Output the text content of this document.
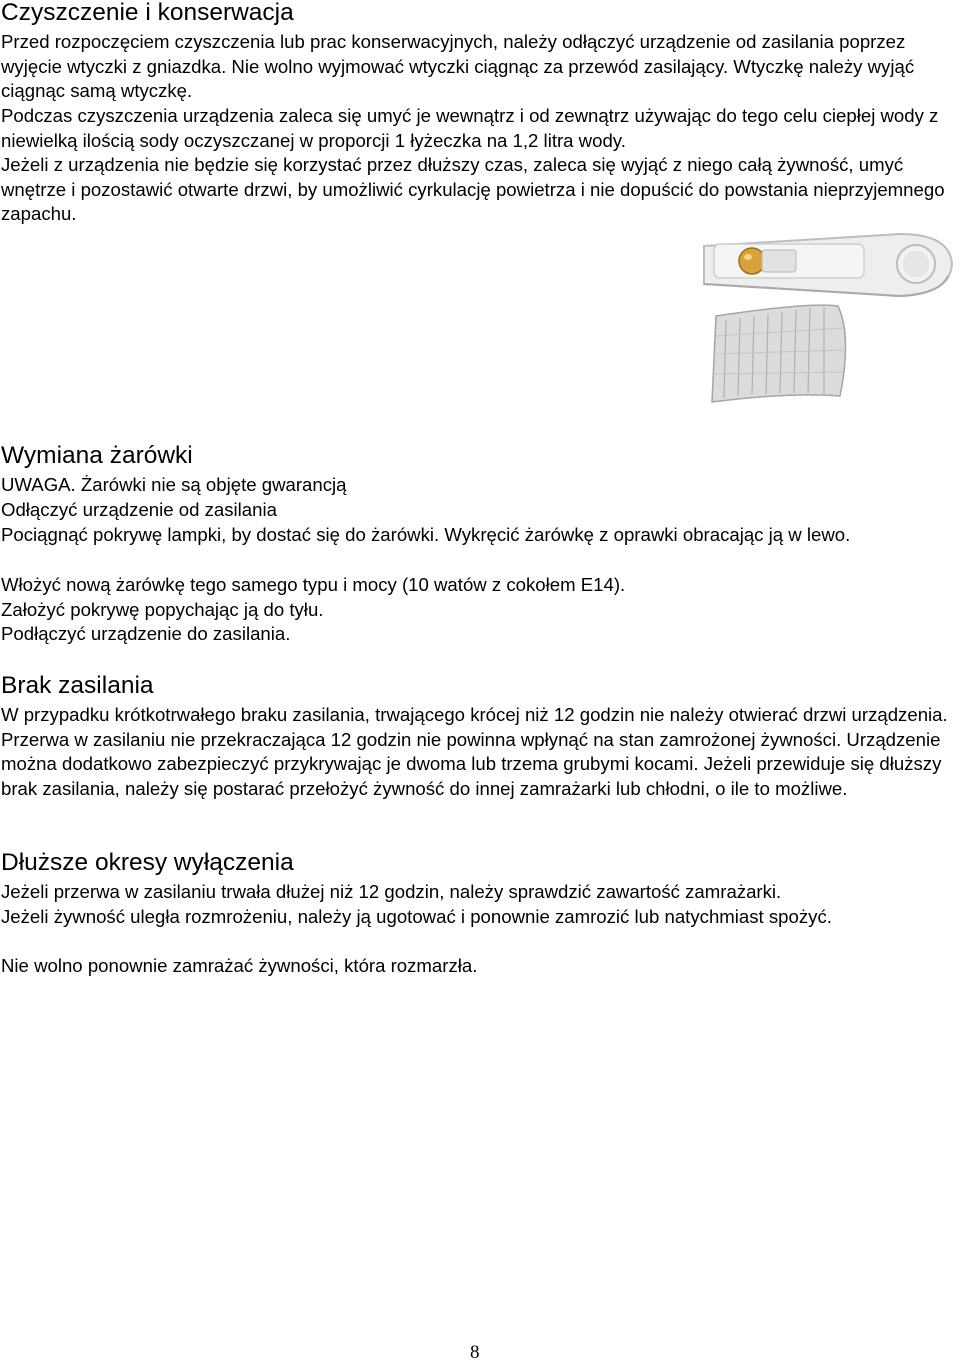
Czyszczenie i konserwacja

Przed rozpoczęciem czyszczenia lub prac konserwacyjnych, należy odłączyć urządzenie od zasilania poprzez wyjęcie wtyczki z gniazdka. Nie wolno wyjmować wtyczki ciągnąc za przewód zasilający. Wtyczkę należy wyjąć ciągnąc samą wtyczkę.

Podczas czyszczenia urządzenia zaleca się umyć je wewnątrz i od zewnątrz używając do tego celu ciepłej wody z niewielką ilością sody oczyszczanej w proporcji 1 łyżeczka na 1,2 litra wody.

Jeżeli z urządzenia nie będzie się korzystać przez dłuższy czas, zaleca się wyjąć z niego całą żywność, umyć wnętrze i pozostawić otwarte drzwi, by umożliwić cyrkulację powietrza i nie dopuścić do powstania nieprzyjemnego zapachu.

Wymiana żarówki

UWAGA. Żarówki nie są objęte gwarancją

Odłączyć urządzenie od zasilania

Pociągnąć pokrywę lampki, by dostać się do żarówki. Wykręcić żarówkę z oprawki obracając ją w lewo.

Włożyć nową żarówkę tego samego typu i mocy (10 watów z cokołem E14).

Założyć pokrywę popychając ją do tyłu.

Podłączyć urządzenie do zasilania.

Brak zasilania

W przypadku krótkotrwałego braku zasilania, trwającego krócej niż 12 godzin nie należy otwierać drzwi urządzenia. Przerwa w zasilaniu nie przekraczająca 12 godzin nie powinna wpłynąć na stan zamrożonej żywności. Urządzenie można dodatkowo zabezpieczyć przykrywając je dwoma lub trzema grubymi kocami. Jeżeli przewiduje się dłuższy brak zasilania, należy się postarać przełożyć żywność do innej zamrażarki lub chłodni, o ile to możliwe.

Dłuższe okresy wyłączenia

Jeżeli przerwa w zasilaniu trwała dłużej niż 12 godzin, należy sprawdzić zawartość zamrażarki.

Jeżeli żywność uległa rozmrożeniu, należy ją ugotować i ponownie zamrozić lub natychmiast spożyć.

Nie wolno ponownie zamrażać żywności, która rozmarzła.

8
